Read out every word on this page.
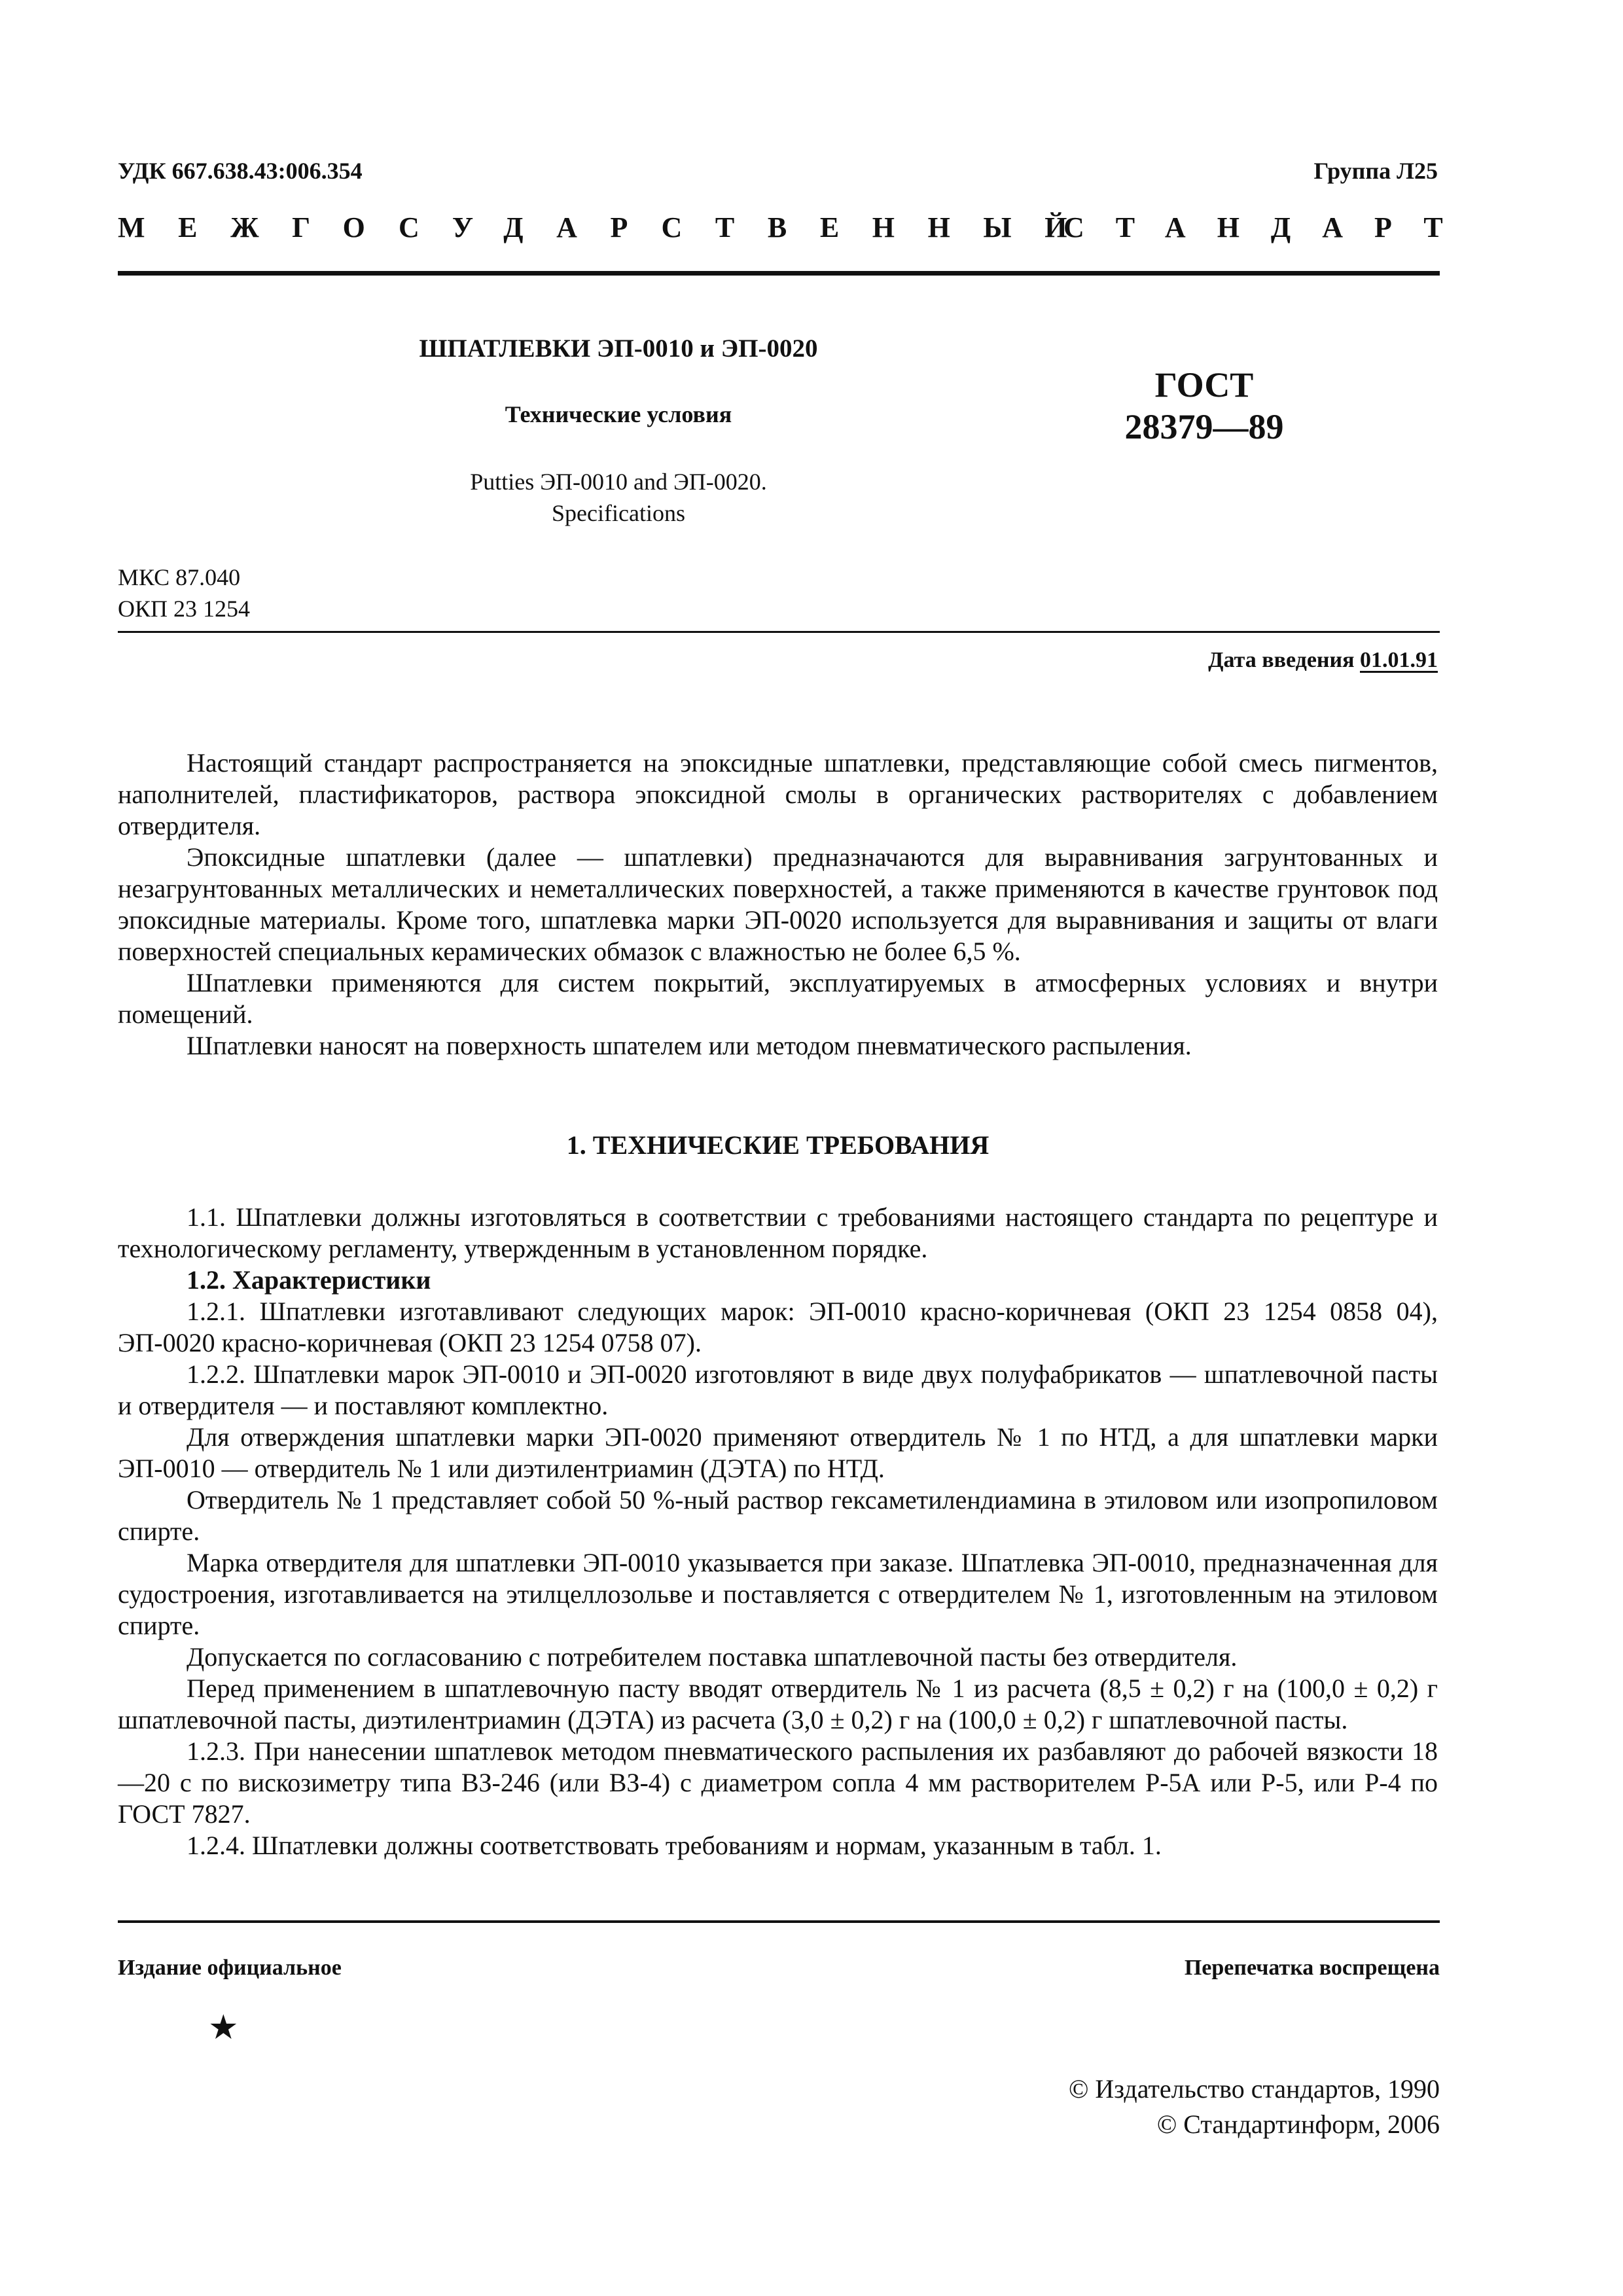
УДК 667.638.43:006.354	Группа Л25
МЕЖГОСУДАРСТВЕННЫЙ
СТАНДАРТ
ШПАТЛЕВКИ ЭП-0010 и ЭП-0020
Технические условия
Putties ЭП-0010 and ЭП-0020.
Specifications
ГОСТ
28379—89
МКС 87.040
ОКП 23 1254
Дата введения 01.01.91

Настоящий стандарт распространяется на эпоксидные шпатлевки, представляющие собой смесь пигментов, наполнителей, пластификаторов, раствора эпоксидной смолы в органических растворителях с добавлением отвердителя.

Эпоксидные шпатлевки (далее — шпатлевки) предназначаются для выравнивания загрунтованных и незагрунтованных металлических и неметаллических поверхностей, а также применяются в качестве грунтовок под эпоксидные материалы. Кроме того, шпатлевка марки ЭП-0020 используется для выравнивания и защиты от влаги поверхностей специальных керамических обмазок с влажностью не более 6,5 %.

Шпатлевки применяются для систем покрытий, эксплуатируемых в атмосферных условиях и внутри помещений.

Шпатлевки наносят на поверхность шпателем или методом пневматического распыления.

1. ТЕХНИЧЕСКИЕ ТРЕБОВАНИЯ

1.1. Шпатлевки должны изготовляться в соответствии с требованиями настоящего стандарта по рецептуре и технологическому регламенту, утвержденным в установленном порядке.

1.2. Характеристики

1.2.1. Шпатлевки изготавливают следующих марок: ЭП-0010 красно-коричневая (ОКП 23 1254 0858 04), ЭП-0020 красно-коричневая (ОКП 23 1254 0758 07).

1.2.2. Шпатлевки марок ЭП-0010 и ЭП-0020 изготовляют в виде двух полуфабрикатов — шпатлевочной пасты и отвердителя — и поставляют комплектно.

Для отверждения шпатлевки марки ЭП-0020 применяют отвердитель № 1 по НТД, а для шпатлевки марки ЭП-0010 — отвердитель № 1 или диэтилентриамин (ДЭТА) по НТД.

Отвердитель № 1 представляет собой 50 %-ный раствор гексаметилендиамина в этиловом или изопропиловом спирте.

Марка отвердителя для шпатлевки ЭП-0010 указывается при заказе. Шпатлевка ЭП-0010, предназначенная для судостроения, изготавливается на этилцеллозольве и поставляется с отвердителем № 1, изготовленным на этиловом спирте.

Допускается по согласованию с потребителем поставка шпатлевочной пасты без отвердителя.

Перед применением в шпатлевочную пасту вводят отвердитель № 1 из расчета (8,5 ± 0,2) г на (100,0 ± 0,2) г шпатлевочной пасты, диэтилентриамин (ДЭТА) из расчета (3,0 ± 0,2) г на (100,0 ± 0,2) г шпатлевочной пасты.

1.2.3. При нанесении шпатлевок методом пневматического распыления их разбавляют до рабочей вязкости 18—20 с по вискозиметру типа ВЗ-246 (или ВЗ-4) с диаметром сопла 4 мм растворителем Р-5А или Р-5, или Р-4 по ГОСТ 7827.

1.2.4. Шпатлевки должны соответствовать требованиям и нормам, указанным в табл. 1.

Издание официальное	Перепечатка воспрещена
★
© Издательство стандартов, 1990
© Стандартинформ, 2006
